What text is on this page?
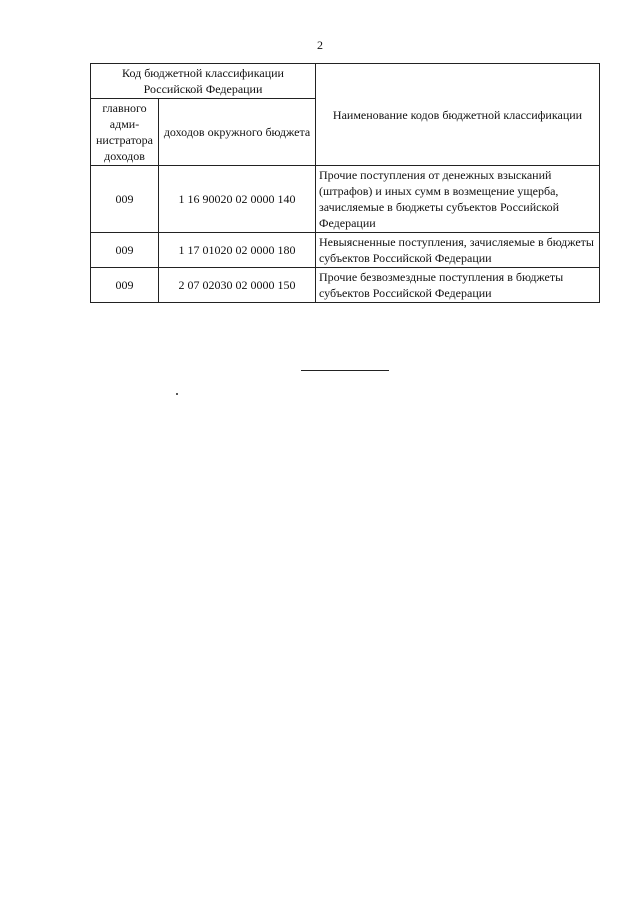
2
Код бюджетной классификации Российской Федерации		Наименование кодов бюджетной классификации
главного адми-нистратора доходов	доходов окружного бюджета	
009	1 16 90020 02 0000 140	Прочие поступления от денежных взысканий (штрафов) и иных сумм в возмещение ущерба, зачисляемые в бюджеты субъектов Российской Федерации
009	1 17 01020 02 0000 180	Невыясненные поступления, зачисляемые в бюджеты субъектов Российской Федерации
009	2 07 02030 02 0000 150	Прочие безвозмездные поступления в бюджеты субъектов Российской Федерации
